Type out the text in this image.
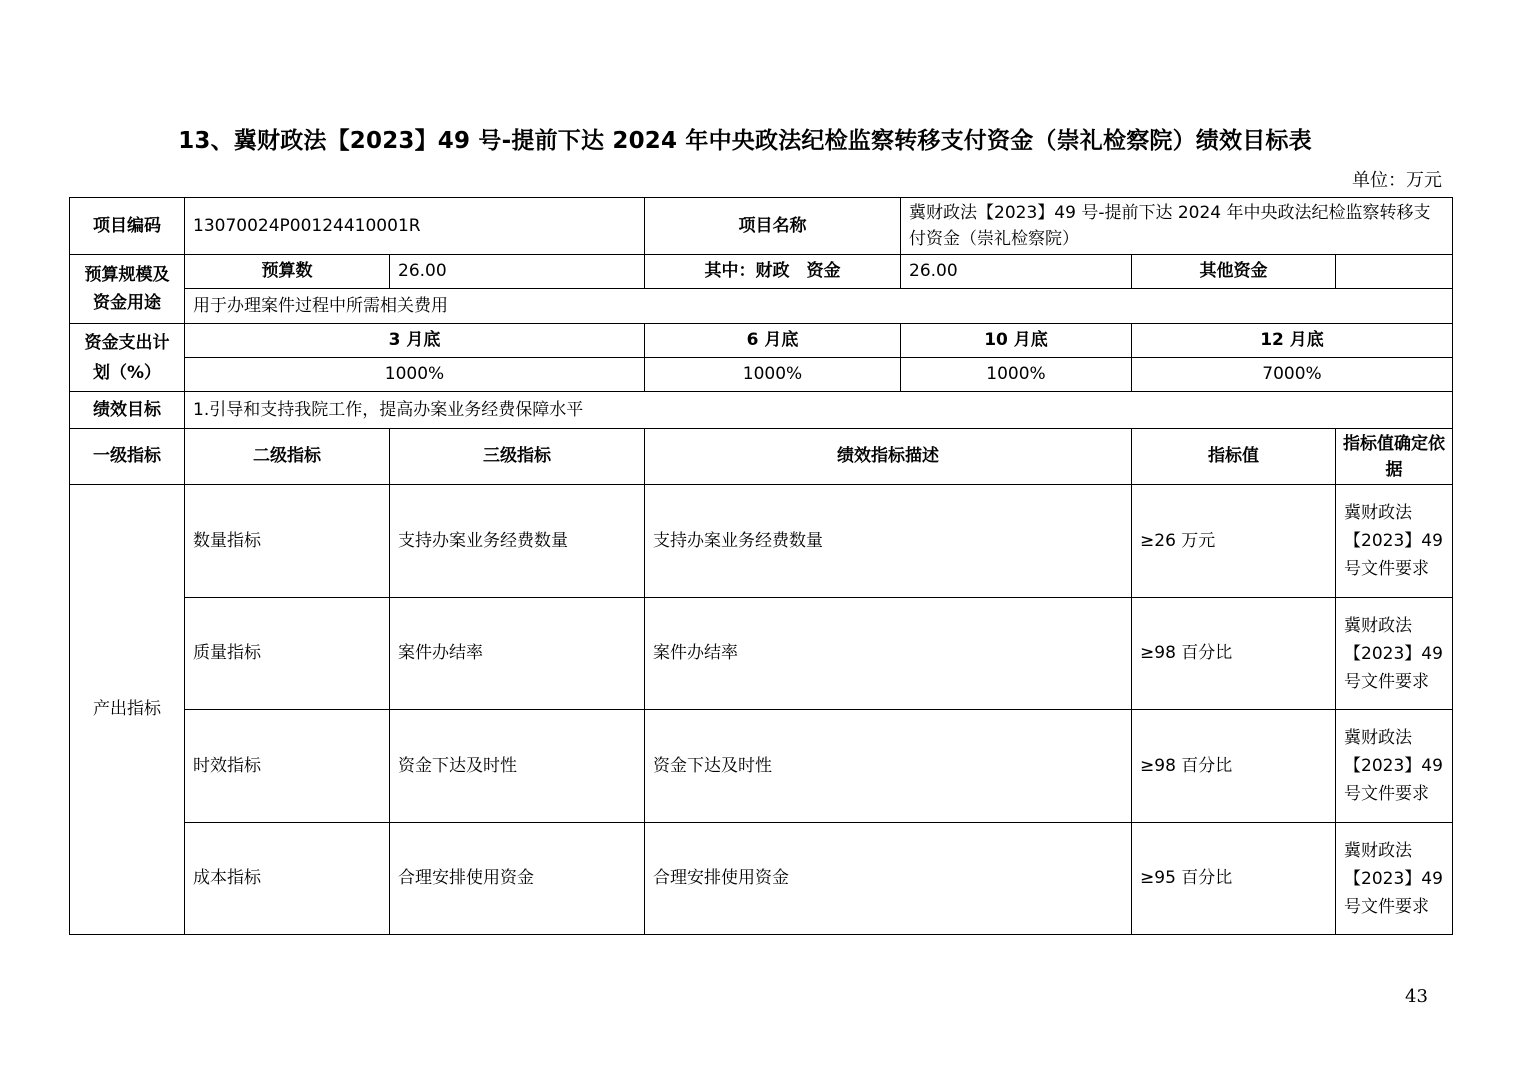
13、冀财政法【2023】49 号-提前下达 2024 年中央政法纪检监察转移支付资金（崇礼检察院）绩效目标表
单位：万元
项目编码	13070024P00124410001R		项目名称	冀财政法【2023】49 号-提前下达 2024 年中央政法纪检监察转移支付资金（崇礼检察院）		
预算规模及资金用途	预算数	26.00	其中：财政　资金	26.00	其他资金	
	用于办理案件过程中所需相关费用					
资金支出计划（%）	3 月底		6 月底	10 月底	12 月底	
	1000%		1000%	1000%	7000%	
绩效目标	1.引导和支持我院工作，提高办案业务经费保障水平					
一级指标	二级指标	三级指标	绩效指标描述		指标值	指标值确定依据
产出指标	数量指标	支持办案业务经费数量	支持办案业务经费数量		≥26 万元	冀财政法【2023】49 号文件要求
	质量指标	案件办结率	案件办结率		≥98 百分比	冀财政法【2023】49 号文件要求
	时效指标	资金下达及时性	资金下达及时性		≥98 百分比	冀财政法【2023】49 号文件要求
	成本指标	合理安排使用资金	合理安排使用资金		≥95 百分比	冀财政法【2023】49 号文件要求
43
